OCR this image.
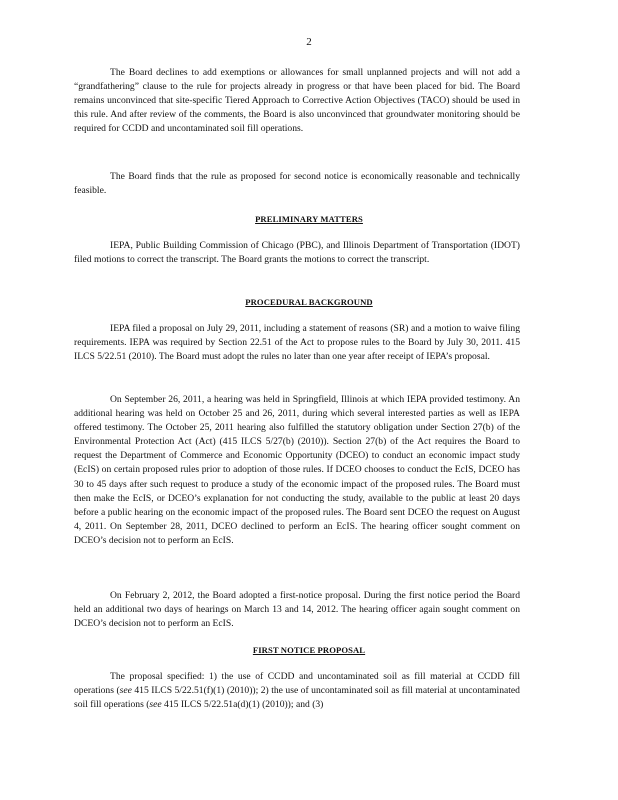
2

The Board declines to add exemptions or allowances for small unplanned projects and will not add a “grandfathering” clause to the rule for projects already in progress or that have been placed for bid. The Board remains unconvinced that site-specific Tiered Approach to Corrective Action Objectives (TACO) should be used in this rule. And after review of the comments, the Board is also unconvinced that groundwater monitoring should be required for CCDD and uncontaminated soil fill operations.

The Board finds that the rule as proposed for second notice is economically reasonable and technically feasible.

PRELIMINARY MATTERS

IEPA, Public Building Commission of Chicago (PBC), and Illinois Department of Transportation (IDOT) filed motions to correct the transcript. The Board grants the motions to correct the transcript.

PROCEDURAL BACKGROUND

IEPA filed a proposal on July 29, 2011, including a statement of reasons (SR) and a motion to waive filing requirements. IEPA was required by Section 22.51 of the Act to propose rules to the Board by July 30, 2011. 415 ILCS 5/22.51 (2010). The Board must adopt the rules no later than one year after receipt of IEPA’s proposal.

On September 26, 2011, a hearing was held in Springfield, Illinois at which IEPA provided testimony. An additional hearing was held on October 25 and 26, 2011, during which several interested parties as well as IEPA offered testimony. The October 25, 2011 hearing also fulfilled the statutory obligation under Section 27(b) of the Environmental Protection Act (Act) (415 ILCS 5/27(b) (2010)). Section 27(b) of the Act requires the Board to request the Department of Commerce and Economic Opportunity (DCEO) to conduct an economic impact study (EcIS) on certain proposed rules prior to adoption of those rules. If DCEO chooses to conduct the EcIS, DCEO has 30 to 45 days after such request to produce a study of the economic impact of the proposed rules. The Board must then make the EcIS, or DCEO’s explanation for not conducting the study, available to the public at least 20 days before a public hearing on the economic impact of the proposed rules. The Board sent DCEO the request on August 4, 2011. On September 28, 2011, DCEO declined to perform an EcIS. The hearing officer sought comment on DCEO’s decision not to perform an EcIS.

On February 2, 2012, the Board adopted a first-notice proposal. During the first notice period the Board held an additional two days of hearings on March 13 and 14, 2012. The hearing officer again sought comment on DCEO’s decision not to perform an EcIS.

FIRST NOTICE PROPOSAL

The proposal specified: 1) the use of CCDD and uncontaminated soil as fill material at CCDD fill operations (see 415 ILCS 5/22.51(f)(1) (2010)); 2) the use of uncontaminated soil as fill material at uncontaminated soil fill operations (see 415 ILCS 5/22.51a(d)(1) (2010)); and (3)
